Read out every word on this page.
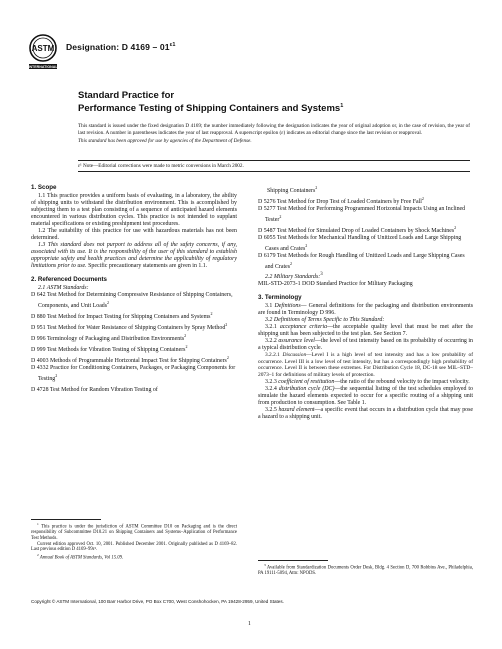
ASTM
INTERNATIONAL
Designation: D $4169 - 01^{\varepsilon 1}$
Standard Practice for
Performance Testing of Shipping Containers and Systems$^1$

This standard is issued under the fixed designation D 4169; the number immediately following the designation indicates the year of original adoption or, in the case of revision, the year of last revision. A number in parentheses indicates the year of last reapproval. A superscript epsilon (ε) indicates an editorial change since the last revision or reapproval.

This standard has been approved for use by agencies of the Department of Defense.

ε¹ Note—Editorial corrections were made to metric conversions in March 2002.
1. Scope
1.1 This practice provides a uniform basis of evaluating, in a laboratory, the ability of shipping units to withstand the distribution environment. This is accomplished by subjecting them to a test plan consisting of a sequence of anticipated hazard elements encountered in various distribution cycles. This practice is not intended to supplant material specifications or existing preshipment test procedures.
1.2 The suitability of this practice for use with hazardous materials has not been determined.
1.3 This standard does not purport to address all of the safety concerns, if any, associated with its use. It is the responsibility of the user of this standard to establish appropriate safety and health practices and determine the applicability of regulatory limitations prior to use. Specific precautionary statements are given in 1.1.
2. Referenced Documents
2.1 ASTM Standards:
D 642 Test Method for Determining Compressive Resistance of Shipping Containers, Components, and Unit Loads$^2$
D 880 Test Method for Impact Testing for Shipping Containers and Systems$^2$
D 951 Test Method for Water Resistance of Shipping Containers by Spray Method$^2$
D 996 Terminology of Packaging and Distribution Environments$^2$
D 999 Test Methods for Vibration Testing of Shipping Containers$^2$
D 4003 Methods of Programmable Horizontal Impact Test for Shipping Containers$^2$
D 4332 Practice for Conditioning Containers, Packages, or Packaging Components for Testing$^2$
D 4728 Test Method for Random Vibration Testing of
$^1$ This practice is under the jurisdiction of ASTM Committee D10 on Packaging and is the direct responsibility of Subcommittee D10.21 on Shipping Containers and Systems–Application of Performance Test Methods.
Current edition approved Oct. 10, 2001. Published December 2001. Originally published as D 4169–82. Last previous edition D 4169–99ε¹.
$^2$ Annual Book of ASTM Standards, Vol 15.09.
Shipping Containers$^2$
D 5276 Test Method for Drop Test of Loaded Containers by Free Fall$^2$
D 5277 Test Method for Performing Programmed Horizontal Impacts Using an Inclined Tester$^2$
D 5487 Test Method for Simulated Drop of Loaded Containers by Shock Machines$^2$
D 6055 Test Methods for Mechanical Handling of Unitized Loads and Large Shipping Cases and Crates$^2$
D 6179 Test Methods for Rough Handling of Unitized Loads and Large Shipping Cases and Crates$^2$
2.2 Military Standards:$^3$
MIL-STD-2073-1 DOD Standard Practice for Military Packaging
3. Terminology
3.1 Definitions— General definitions for the packaging and distribution environments are found in Terminology D 996.
3.2 Definitions of Terms Specific to This Standard:
3.2.1 acceptance criteria—the acceptable quality level that must be met after the shipping unit has been subjected to the test plan. See Section 7.
3.2.2 assurance level—the level of test intensity based on its probability of occurring in a typical distribution cycle.
3.2.2.1 Discussion—Level I is a high level of test intensity and has a low probability of occurrence. Level III is a low level of test intensity, but has a correspondingly high probability of occurrence. Level II is between these extremes. For Distribution Cycle 18, DC-18 see MIL–STD–2073–1 for definitions of military levels of protection.
3.2.3 coefficient of restitution—the ratio of the rebound velocity to the impact velocity.
3.2.4 distribution cycle (DC)—the sequential listing of the test schedules employed to simulate the hazard elements expected to occur for a specific routing of a shipping unit from production to consumption. See Table 1.
3.2.5 hazard element—a specific event that occurs in a distribution cycle that may pose a hazard to a shipping unit.
$^3$ Available from Standardization Documents Order Desk, Bldg. 4 Section D, 700 Robbins Ave., Philadelphia, PA 19111-5094, Attn: NPODS.
Copyright © ASTM International, 100 Barr Harbor Drive, PO Box C700, West Conshohocken, PA 19428-2959, United States.
1
